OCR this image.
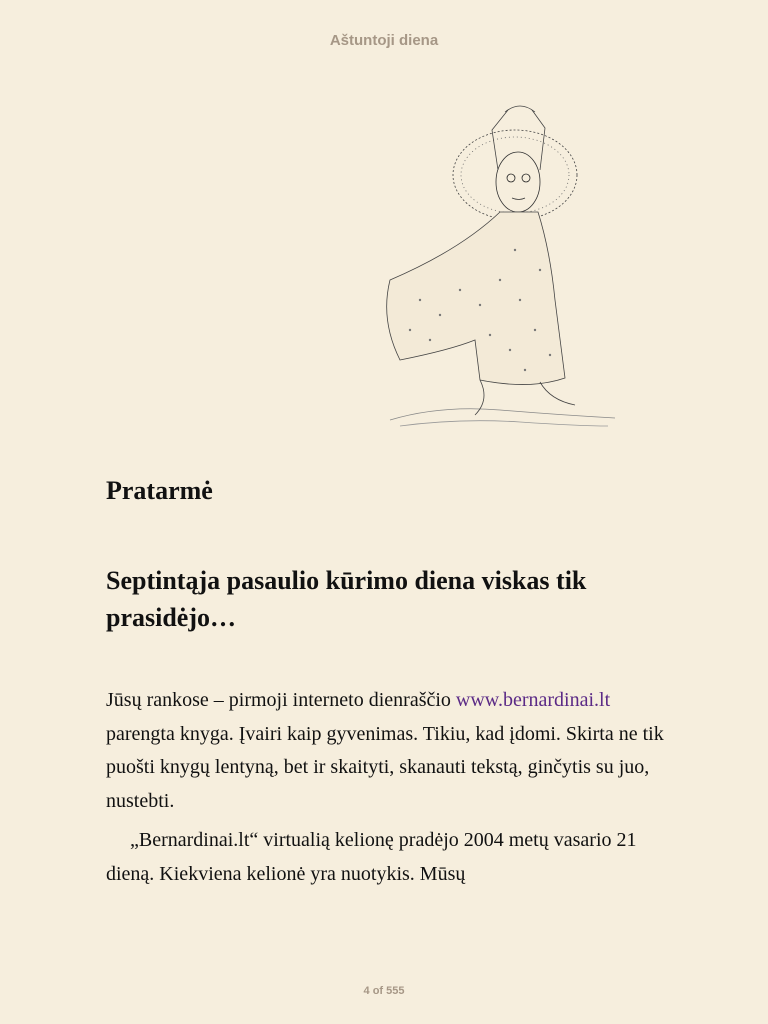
Aštuntoji diena
Pratarmė
Septintąja pasaulio kūrimo diena viskas tik prasidėjo…

Jūsų rankose – pirmoji interneto dienraščio www.bernardinai.lt parengta knyga. Įvairi kaip gyvenimas. Tikiu, kad įdomi. Skirta ne tik puošti knygų lentyną, bet ir skaityti, skanauti tekstą, ginčytis su juo, nustebti.

„Bernardinai.lt“ virtualią kelionę pradėjo 2004 metų vasario 21 dieną. Kiekviena kelionė yra nuotykis. Mūsų

4 of 555
